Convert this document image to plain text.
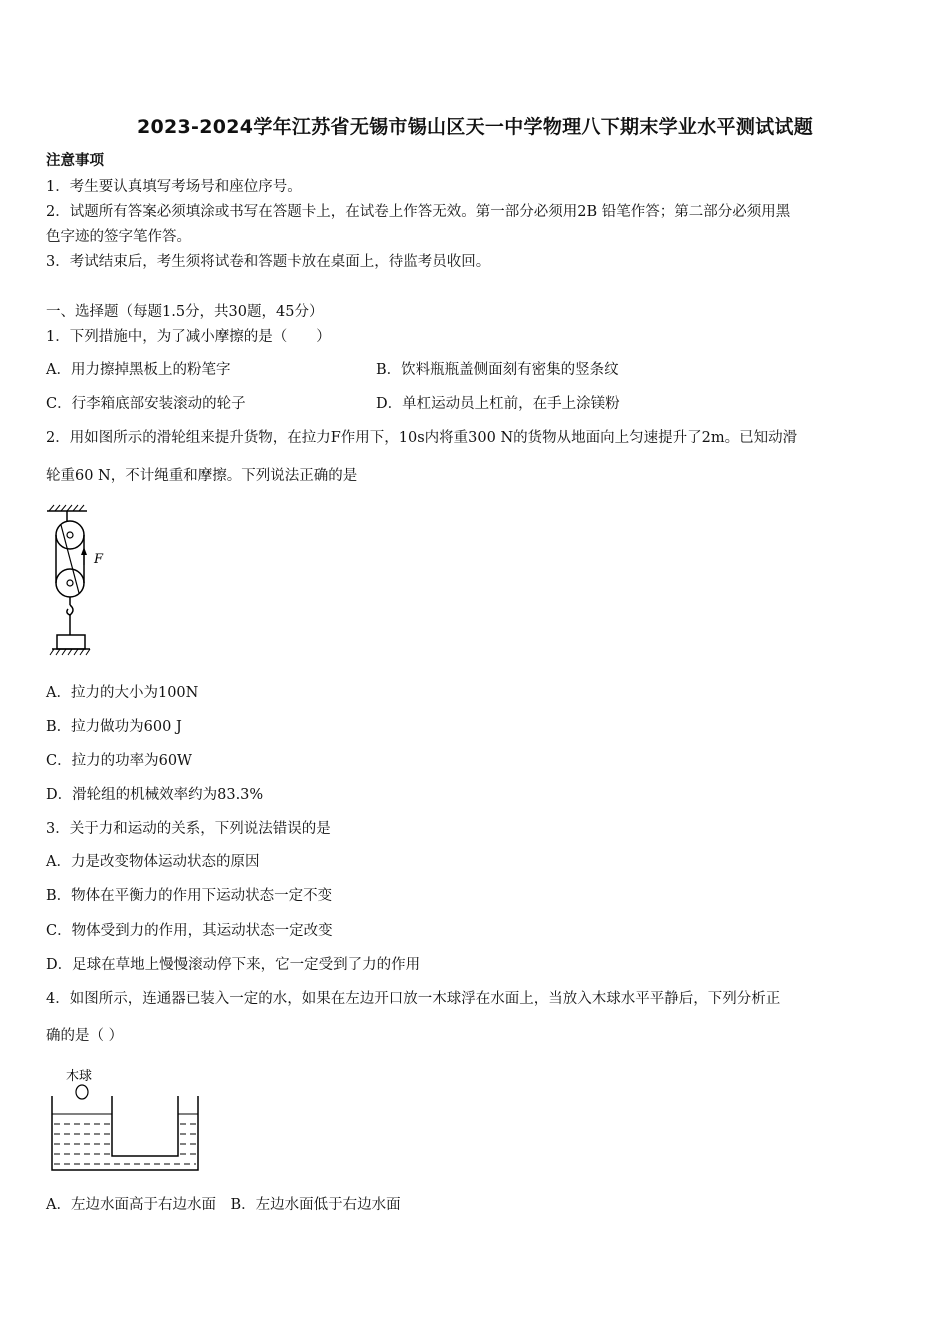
2023-2024学年江苏省无锡市锡山区天一中学物理八下期末学业水平测试试题
注意事项
1．考生要认真填写考场号和座位序号。
2．试题所有答案必须填涂或书写在答题卡上，在试卷上作答无效。第一部分必须用2B 铅笔作答；第二部分必须用黑
色字迹的签字笔作答。
3．考试结束后，考生须将试卷和答题卡放在桌面上，待监考员收回。
一、选择题（每题1.5分，共30题，45分）
1．下列措施中，为了减小摩擦的是（　　）
A．用力擦掉黑板上的粉笔字	B．饮料瓶瓶盖侧面刻有密集的竖条纹
C．行李箱底部安装滚动的轮子	D．单杠运动员上杠前，在手上涂镁粉
2．用如图所示的滑轮组来提升货物，在拉力F作用下，10s内将重300 N的货物从地面向上匀速提升了2m。已知动滑
轮重60 N，不计绳重和摩擦。下列说法正确的是
F
A．拉力的大小为100N
B．拉力做功为600 J
C．拉力的功率为60W
D．滑轮组的机械效率约为83.3%
3．关于力和运动的关系，下列说法错误的是
A．力是改变物体运动状态的原因
B．物体在平衡力的作用下运动状态一定不变
C．物体受到力的作用，其运动状态一定改变
D．足球在草地上慢慢滚动停下来，它一定受到了力的作用
4．如图所示，连通器已装入一定的水，如果在左边开口放一木球浮在水面上，当放入木球水平平静后，下列分析正
确的是（ ）
木球
A．左边水面高于右边水面　B．左边水面低于右边水面
